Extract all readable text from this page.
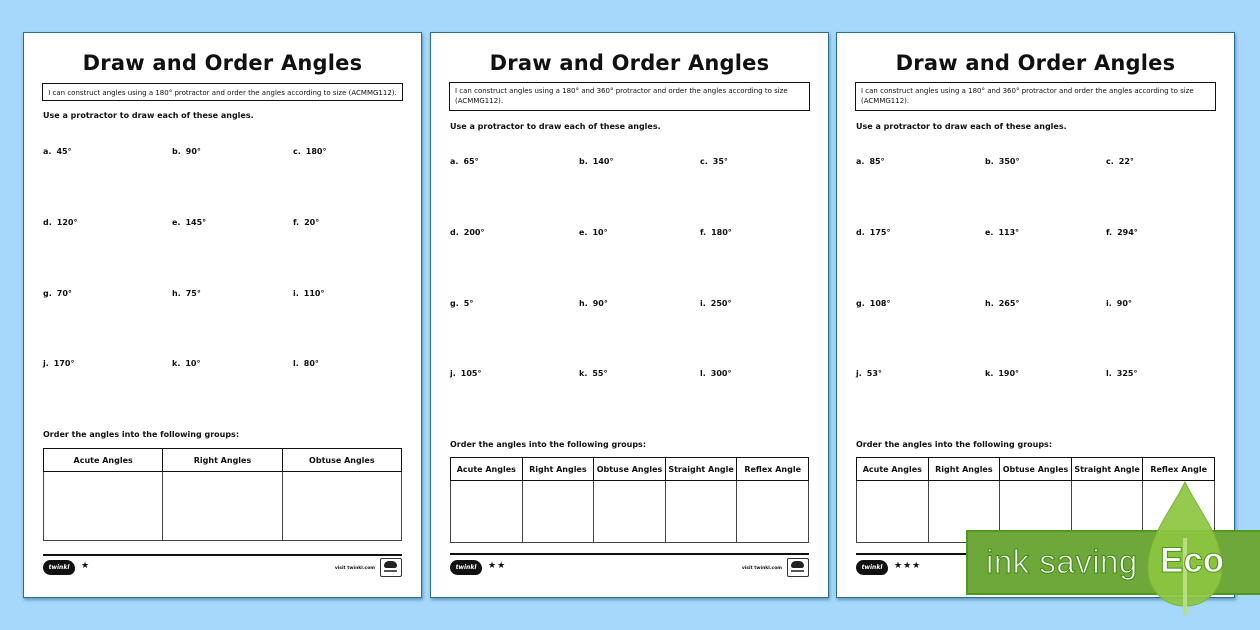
Draw and Order Angles
I can construct angles using a 180° protractor and order the angles according to size (ACMMG112).
Use a protractor to draw each of these angles.
a. 45°	b. 90°	c. 180°
d. 120°	e. 145°	f. 20°
g. 70°	h. 75°	i. 110°
j. 170°	k. 10°	l. 80°
Order the angles into the following groups:
Acute Angles	Right Angles	Obtuse Angles

twinkl	★	visit twinkl.com
Draw and Order Angles
I can construct angles using a 180° and 360° protractor and order the angles according to size (ACMMG112).
Use a protractor to draw each of these angles.
a. 65°	b. 140°	c. 35°
d. 200°	e. 10°	f. 180°
g. 5°	h. 90°	i. 250°
j. 105°	k. 55°	l. 300°
Order the angles into the following groups:
Acute Angles	Right Angles	Obtuse Angles	Straight Angle	Reflex Angle

twinkl	★★	visit twinkl.com
Draw and Order Angles
I can construct angles using a 180° and 360° protractor and order the angles according to size (ACMMG112).
Use a protractor to draw each of these angles.
a. 85°	b. 350°	c. 22°
d. 175°	e. 113°	f. 294°
g. 108°	h. 265°	i. 90°
j. 53°	k. 190°	l. 325°
Order the angles into the following groups:
Acute Angles	Right Angles	Obtuse Angles	Straight Angle	Reflex Angle

twinkl	★★★ ink saving Eco
